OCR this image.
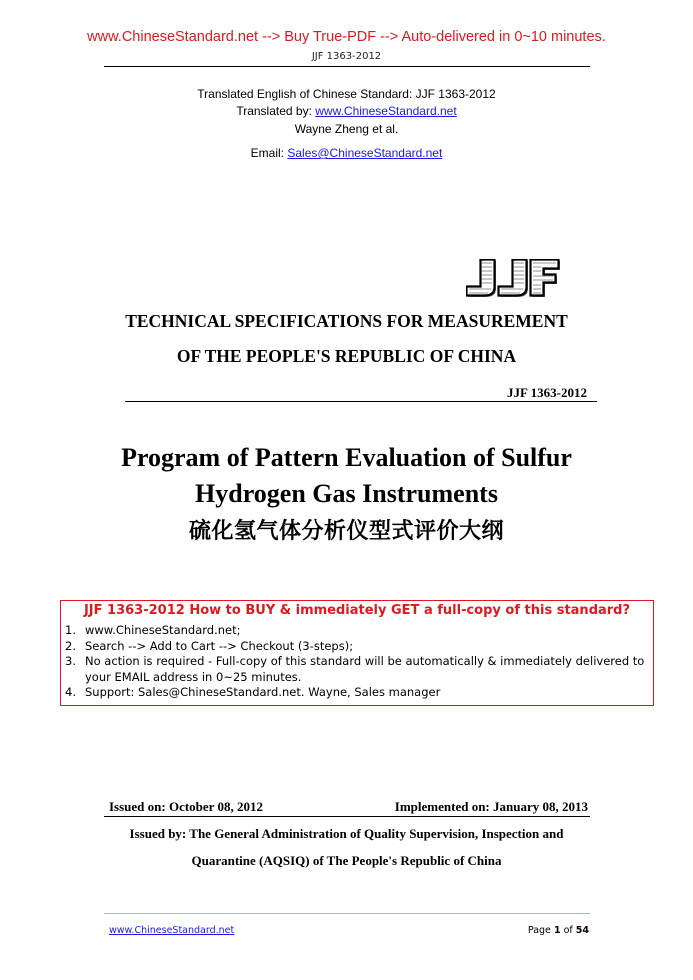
www.ChineseStandard.net --> Buy True-PDF --> Auto-delivered in 0~10 minutes.
JJF 1363-2012
Translated English of Chinese Standard: JJF 1363-2012
Translated by: www.ChineseStandard.net
Wayne Zheng et al.
Email: Sales@ChineseStandard.net
TECHNICAL SPECIFICATIONS FOR MEASUREMENT
OF THE PEOPLE'S REPUBLIC OF CHINA
JJF 1363-2012
Program of Pattern Evaluation of Sulfur
Hydrogen Gas Instruments
硫化氢气体分析仪型式评价大纲
JJF 1363-2012 How to BUY & immediately GET a full-copy of this standard?
1. www.ChineseStandard.net;
2. Search --> Add to Cart --> Checkout (3-steps);
3. No action is required - Full-copy of this standard will be automatically & immediately delivered to your EMAIL address in 0~25 minutes.
4. Support: Sales@ChineseStandard.net. Wayne, Sales manager
Issued on: October 08, 2012	Implemented on: January 08, 2013
Issued by: The General Administration of Quality Supervision, Inspection and
Quarantine (AQSIQ) of The People's Republic of China
www.ChineseStandard.net	Page 1 of 54
